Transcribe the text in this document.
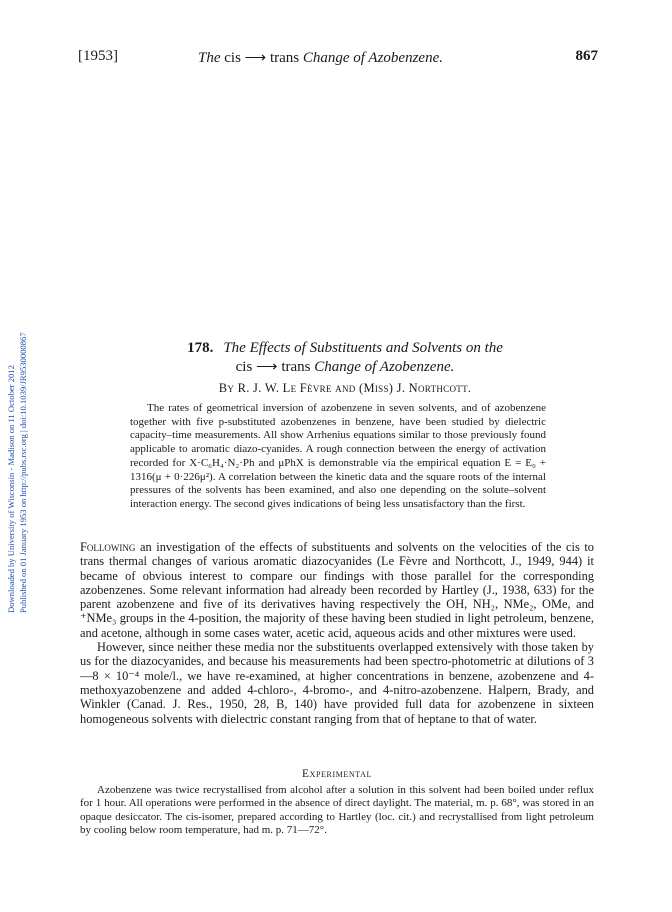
[1953]	The cis ⟶ trans Change of Azobenzene.	867
Downloaded by University of Wisconsin - Madison on 11 October 2012 Published on 01 January 1953 on http://pubs.rsc.org | doi:10.1039/JR9530000867	178. The Effects of Substituents and Solvents on the
cis ⟶ trans Change of Azobenzene.
By R. J. W. Le Fèvre and (Miss) J. Northcott.

The rates of geometrical inversion of azobenzene in seven solvents, and of azobenzene together with five p-substituted azobenzenes in benzene, have been studied by dielectric capacity–time measurements. All show Arrhenius equations similar to those previously found applicable to aromatic diazo-cyanides. A rough connection between the energy of activation recorded for X·C₆H₄·N₂·Ph and μPhX is demonstrable via the empirical equation E = E₀ + 1316(μ + 0·226μ²). A correlation between the kinetic data and the square roots of the internal pressures of the solvents has been examined, and also one depending on the solute–solvent interaction energy. The second gives indications of being less unsatisfactory than the first.

Following an investigation of the effects of substituents and solvents on the velocities of the cis to trans thermal changes of various aromatic diazocyanides (Le Fèvre and Northcott, J., 1949, 944) it became of obvious interest to compare our findings with those parallel for the corresponding azobenzenes. Some relevant information had already been recorded by Hartley (J., 1938, 633) for the parent azobenzene and five of its derivatives having respectively the OH, NH₂, NMe₂, OMe, and ⁺NMe₃ groups in the 4-position, the majority of these having been studied in light petroleum, benzene, and acetone, although in some cases water, acetic acid, aqueous acids and other mixtures were used.

However, since neither these media nor the substituents overlapped extensively with those taken by us for the diazocyanides, and because his measurements had been spectro-photometric at dilutions of 3—8 × 10⁻⁴ mole/l., we have re-examined, at higher concentrations in benzene, azobenzene and 4-methoxyazobenzene and added 4-chloro-, 4-bromo-, and 4-nitro-azobenzene. Halpern, Brady, and Winkler (Canad. J. Res., 1950, 28, B, 140) have provided full data for azobenzene in sixteen homogeneous solvents with dielectric constant ranging from that of heptane to that of water.

Experimental

Azobenzene was twice recrystallised from alcohol after a solution in this solvent had been boiled under reflux for 1 hour. All operations were performed in the absence of direct daylight. The material, m. p. 68°, was stored in an opaque desiccator. The cis-isomer, prepared according to Hartley (loc. cit.) and recrystallised from light petroleum by cooling below room temperature, had m. p. 71—72°.
